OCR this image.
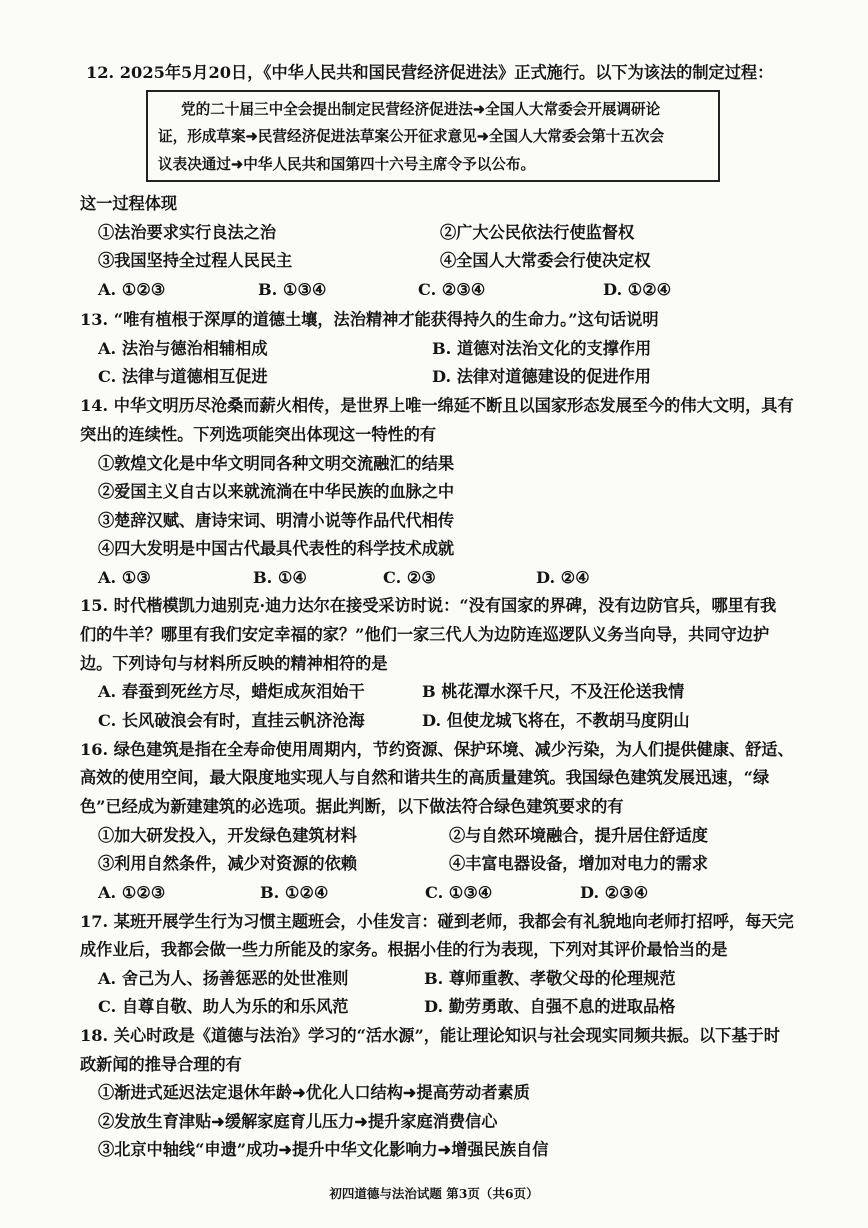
12. 2025年5月20日，《中华人民共和国民营经济促进法》正式施行。以下为该法的制定过程：
党的二十届三中全会提出制定民营经济促进法➜全国人大常委会开展调研论
证，形成草案➜民营经济促进法草案公开征求意见➜全国人大常委会第十五次会
议表决通过➜中华人民共和国第四十六号主席令予以公布。
这一过程体现
①法治要求实行良法之治	②广大公民依法行使监督权
③我国坚持全过程人民民主	④全国人大常委会行使决定权
A. ①②③	B. ①③④	C. ②③④	D. ①②④
13. “唯有植根于深厚的道德土壤，法治精神才能获得持久的生命力。”这句话说明
A. 法治与德治相辅相成	B. 道德对法治文化的支撑作用
C. 法律与道德相互促进	D. 法律对道德建设的促进作用
14. 中华文明历尽沧桑而薪火相传，是世界上唯一绵延不断且以国家形态发展至今的伟大文明，具有
突出的连续性。下列选项能突出体现这一特性的有
①敦煌文化是中华文明同各种文明交流融汇的结果
②爱国主义自古以来就流淌在中华民族的血脉之中
③楚辞汉赋、唐诗宋词、明清小说等作品代代相传
④四大发明是中国古代最具代表性的科学技术成就
A. ①③	B. ①④	C. ②③	D. ②④
15. 时代楷模凯力迪别克·迪力达尔在接受采访时说：“没有国家的界碑，没有边防官兵，哪里有我
们的牛羊？哪里有我们安定幸福的家？”他们一家三代人为边防连巡逻队义务当向导，共同守边护
边。下列诗句与材料所反映的精神相符的是
A. 春蚕到死丝方尽，蜡炬成灰泪始干	B 桃花潭水深千尺，不及汪伦送我情
C. 长风破浪会有时，直挂云帆济沧海	D. 但使龙城飞将在，不教胡马度阴山
16. 绿色建筑是指在全寿命使用周期内，节约资源、保护环境、减少污染，为人们提供健康、舒适、
高效的使用空间，最大限度地实现人与自然和谐共生的高质量建筑。我国绿色建筑发展迅速，“绿
色”已经成为新建建筑的必选项。据此判断，以下做法符合绿色建筑要求的有
①加大研发投入，开发绿色建筑材料	②与自然环境融合，提升居住舒适度
③利用自然条件，减少对资源的依赖	④丰富电器设备，增加对电力的需求
A. ①②③	B. ①②④	C. ①③④	D. ②③④
17. 某班开展学生行为习惯主题班会，小佳发言：碰到老师，我都会有礼貌地向老师打招呼，每天完
成作业后，我都会做一些力所能及的家务。根据小佳的行为表现，下列对其评价最恰当的是
A. 舍己为人、扬善惩恶的处世准则	B. 尊师重教、孝敬父母的伦理规范
C. 自尊自敬、助人为乐的和乐风范	D. 勤劳勇敢、自强不息的进取品格
18. 关心时政是《道德与法治》学习的“活水源”，能让理论知识与社会现实同频共振。以下基于时
政新闻的推导合理的有
①渐进式延迟法定退休年龄➜优化人口结构➜提高劳动者素质
②发放生育津贴➜缓解家庭育儿压力➜提升家庭消费信心
③北京中轴线“申遗”成功➜提升中华文化影响力➜增强民族自信
初四道德与法治试题 第3页（共6页）
